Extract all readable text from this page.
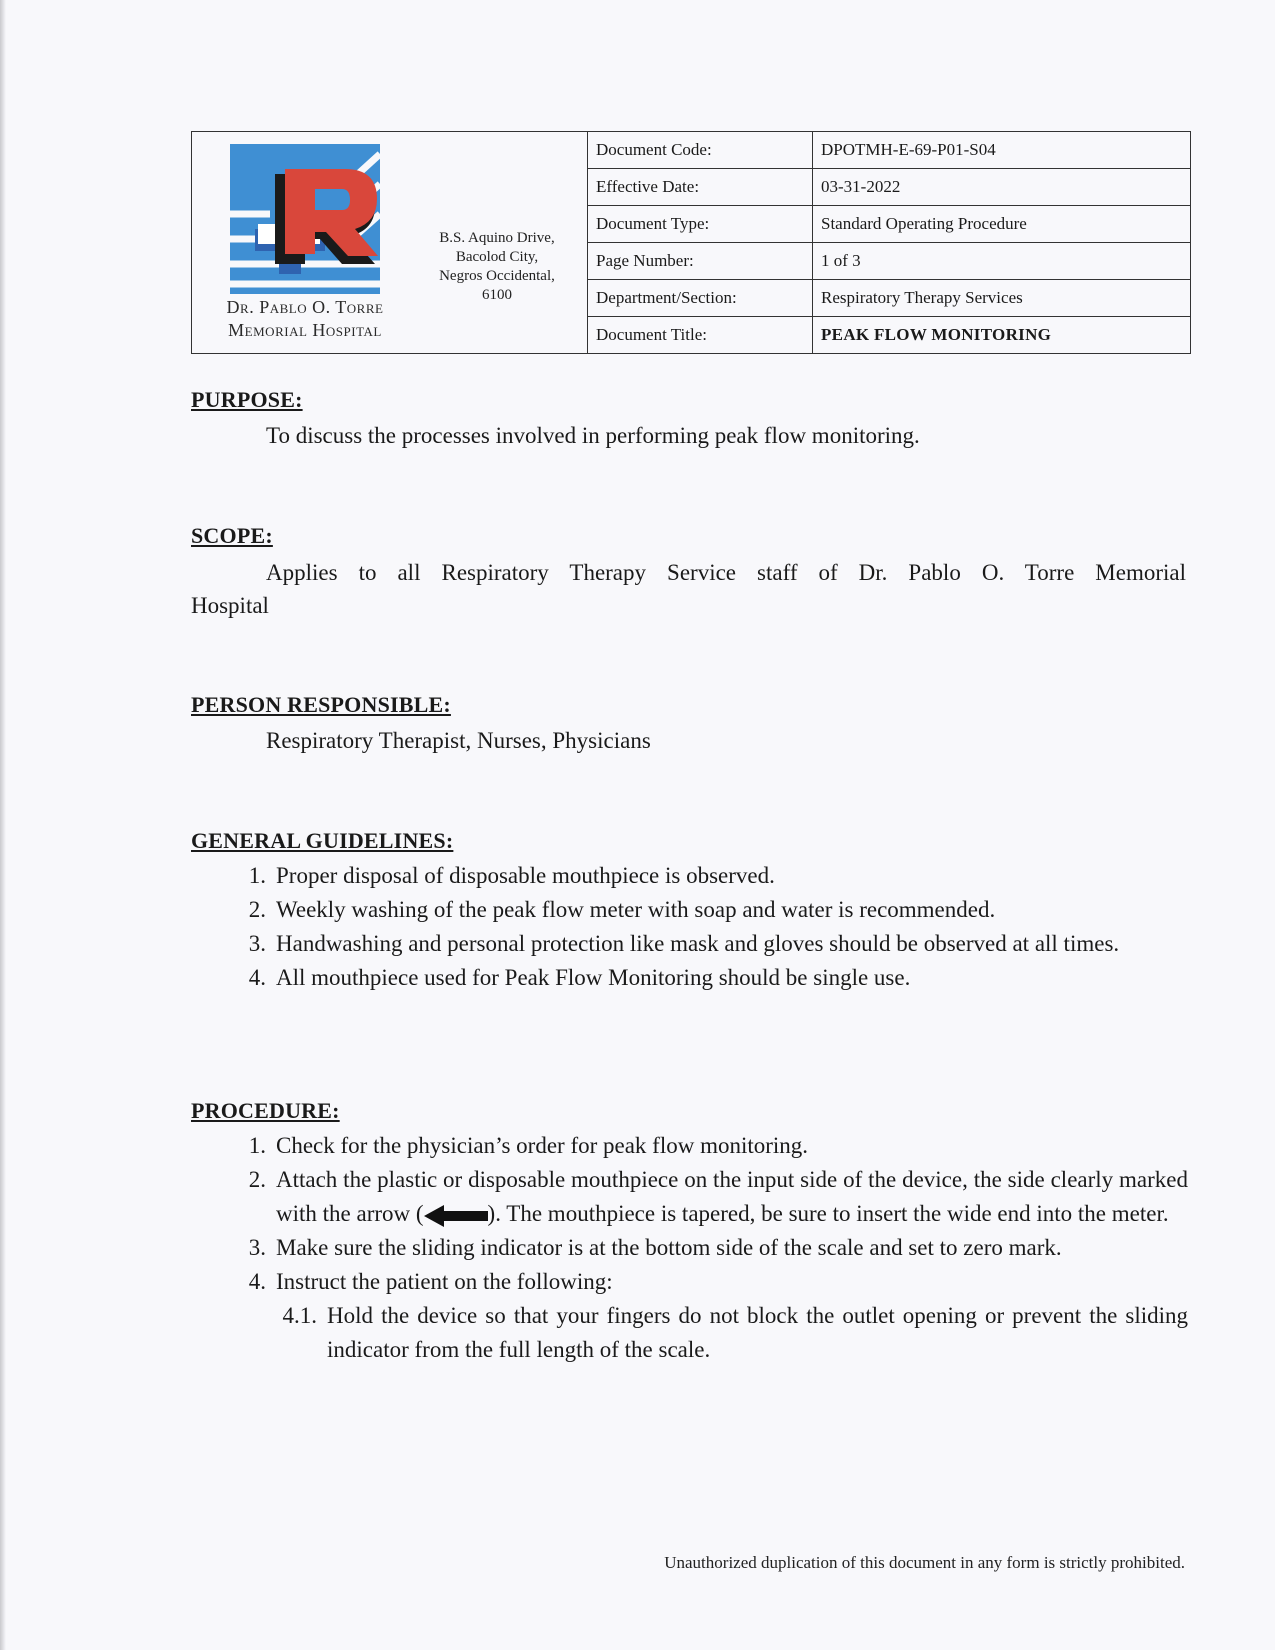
Dr. Pablo O. Torre
Memorial Hospital
B.S. Aquino Drive,
Bacolod City,
Negros Occidental,
6100
Document Code:	DPOTMH-E-69-P01-S04
Effective Date:	03-31-2022
Document Type:	Standard Operating Procedure
Page Number:	1 of 3
Department/Section:	Respiratory Therapy Services
Document Title:	PEAK FLOW MONITORING
PURPOSE:
To discuss the processes involved in performing peak flow monitoring.
SCOPE:
Applies to all Respiratory Therapy Service staff of Dr. Pablo O. Torre Memorial
Hospital
PERSON RESPONSIBLE:
Respiratory Therapist, Nurses, Physicians
GENERAL GUIDELINES:
1. Proper disposal of disposable mouthpiece is observed.
2. Weekly washing of the peak flow meter with soap and water is recommended.
3. Handwashing and personal protection like mask and gloves should be observed at all times.
4. All mouthpiece used for Peak Flow Monitoring should be single use.
PROCEDURE:
1. Check for the physician’s order for peak flow monitoring.
2. Attach the plastic or disposable mouthpiece on the input side of the device, the side clearly marked with the arrow (	). The mouthpiece is tapered, be sure to insert the wide end into the meter.
3. Make sure the sliding indicator is at the bottom side of the scale and set to zero mark.
4. Instruct the patient on the following:
4.1. Hold the device so that your fingers do not block the outlet opening or prevent the sliding indicator from the full length of the scale.
Unauthorized duplication of this document in any form is strictly prohibited.
